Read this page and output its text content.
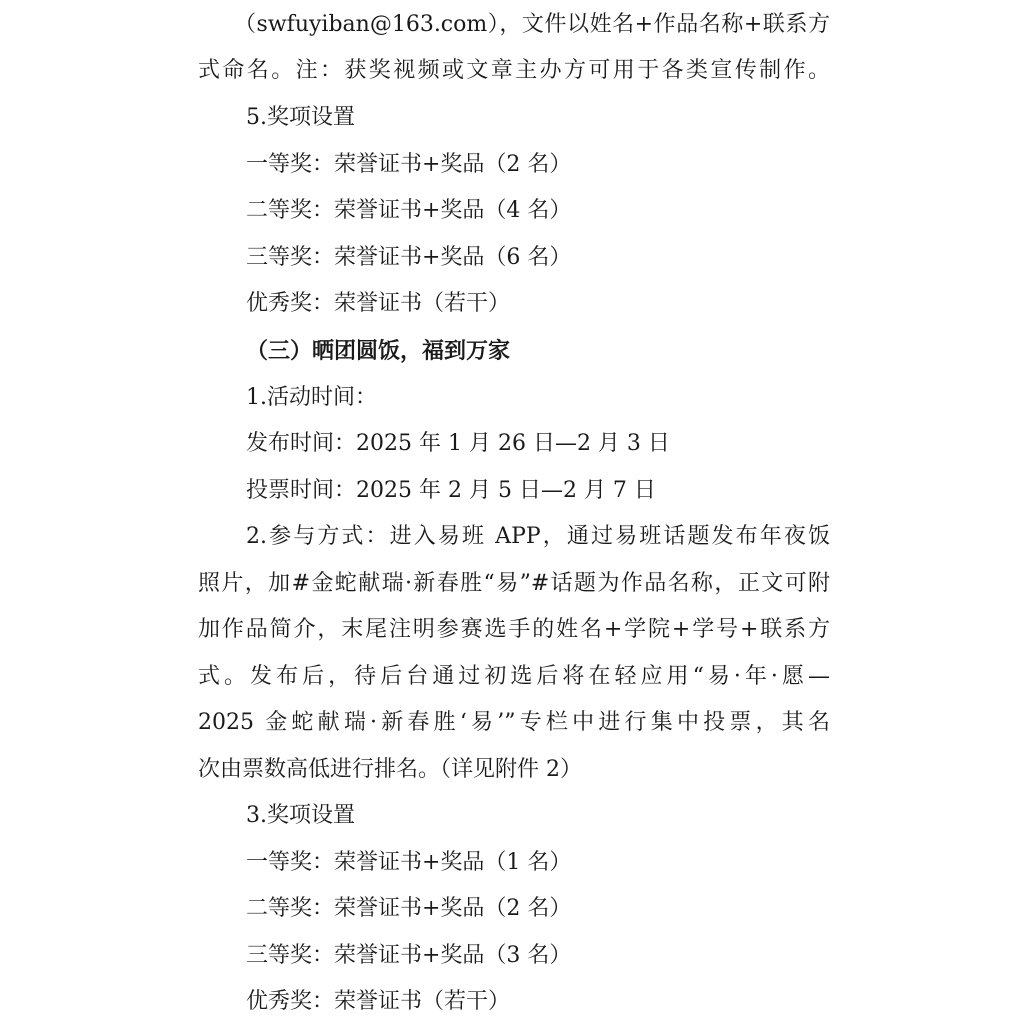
（swfuyiban@163.com），文件以姓名+作品名称+联系方
式命名。注：获奖视频或文章主办方可用于各类宣传制作。
5.奖项设置
一等奖：荣誉证书+奖品（2 名）
二等奖：荣誉证书+奖品（4 名）
三等奖：荣誉证书+奖品（6 名）
优秀奖：荣誉证书（若干）
（三）晒团圆饭，福到万家
1.活动时间：
发布时间：2025 年 1 月 26 日—2 月 3 日
投票时间：2025 年 2 月 5 日—2 月 7 日
2.参与方式：进入易班 APP，通过易班话题发布年夜饭
照片，加#金蛇献瑞·新春胜“易”#话题为作品名称，正文可附
加作品简介，末尾注明参赛选手的姓名+学院+学号+联系方
式。发布后，待后台通过初选后将在轻应用“易·年·愿—
2025 金蛇献瑞·新春胜‘易’”专栏中进行集中投票，其名
次由票数高低进行排名。（详见附件 2）
3.奖项设置
一等奖：荣誉证书+奖品（1 名）
二等奖：荣誉证书+奖品（2 名）
三等奖：荣誉证书+奖品（3 名）
优秀奖：荣誉证书（若干）
